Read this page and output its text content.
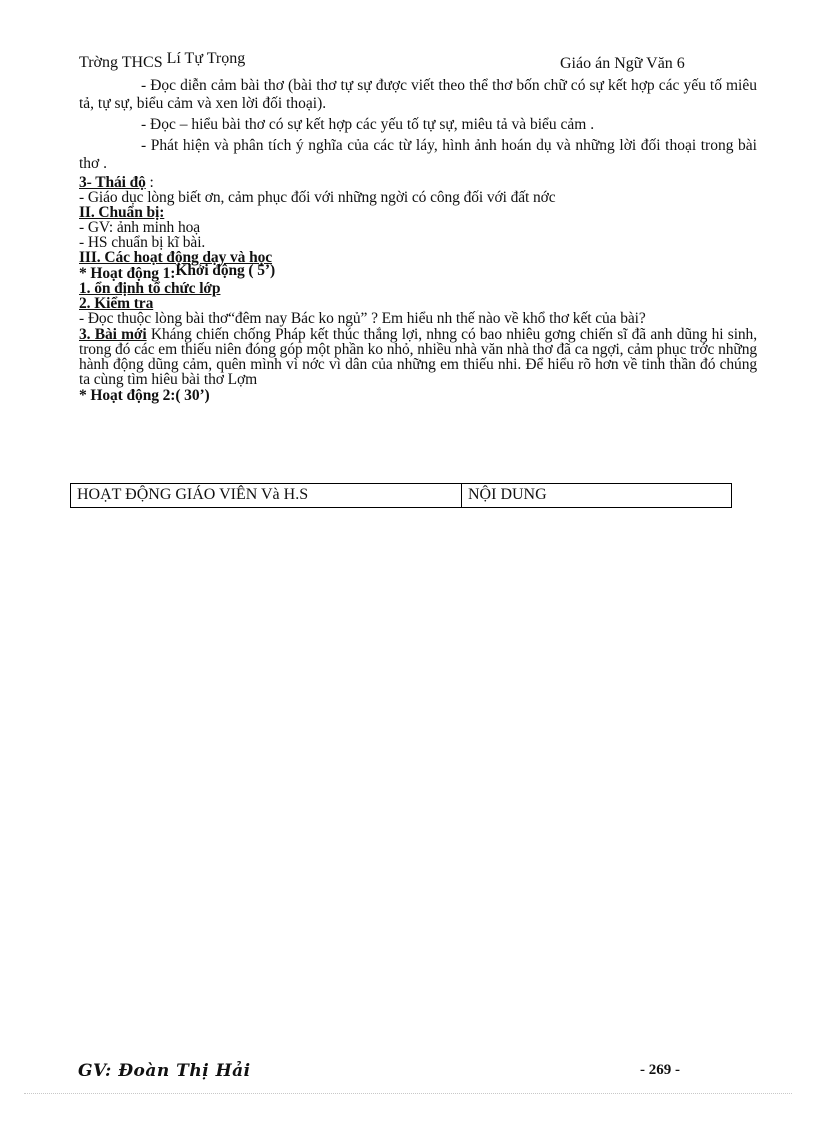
Trờng THCS Lí Tự Trọng	Giáo án Ngữ Văn 6

- Đọc diễn cảm bài thơ (bài thơ tự sự được viết theo thể thơ bốn chữ có sự kết hợp các yếu tố miêu tả, tự sự, biểu cảm và xen lời đối thoại).

- Đọc – hiểu bài thơ có sự kết hợp các yếu tố tự sự, miêu tả và biểu cảm .

- Phát hiện và phân tích ý nghĩa của các từ láy, hình ảnh hoán dụ và những lời đối thoại trong bài thơ .

3- Thái độ :

- Giáo dục lòng biết ơn, cảm phục đối với những ngời có công đối với đất nớc

II. Chuẩn bị:

- GV: ảnh minh hoạ

- HS chuẩn bị kĩ bài.

III. Các hoạt động dạy và học

* Hoạt động 1:Khởi động ( 5’)

1. ổn định tổ chức lớp

2. Kiểm tra

- Đọc thuộc lòng bài thơ“đêm nay Bác ko ngủ” ? Em hiểu nh thế nào về khổ thơ kết của bài?

3. Bài mới Kháng chiến chống Pháp kết thúc thắng lợi, nhng có bao nhiêu gơng chiến sĩ đã anh dũng hi sinh, trong đó các em thiếu niên đóng góp một phần ko nhỏ, nhiều nhà văn nhà thơ đã ca ngợi, cảm phục trớc những hành động dũng cảm, quên mình vì nớc vì dân của những em thiếu nhi. Để hiểu rõ hơn về tinh thần đó chúng ta cùng tìm hiêu bài thơ Lợm

* Hoạt động 2:( 30’)

HOẠT ĐỘNG GIÁO VIÊN Và H.S	NỘI DUNG
GV: Đoàn Thị Hải	- 269 -
